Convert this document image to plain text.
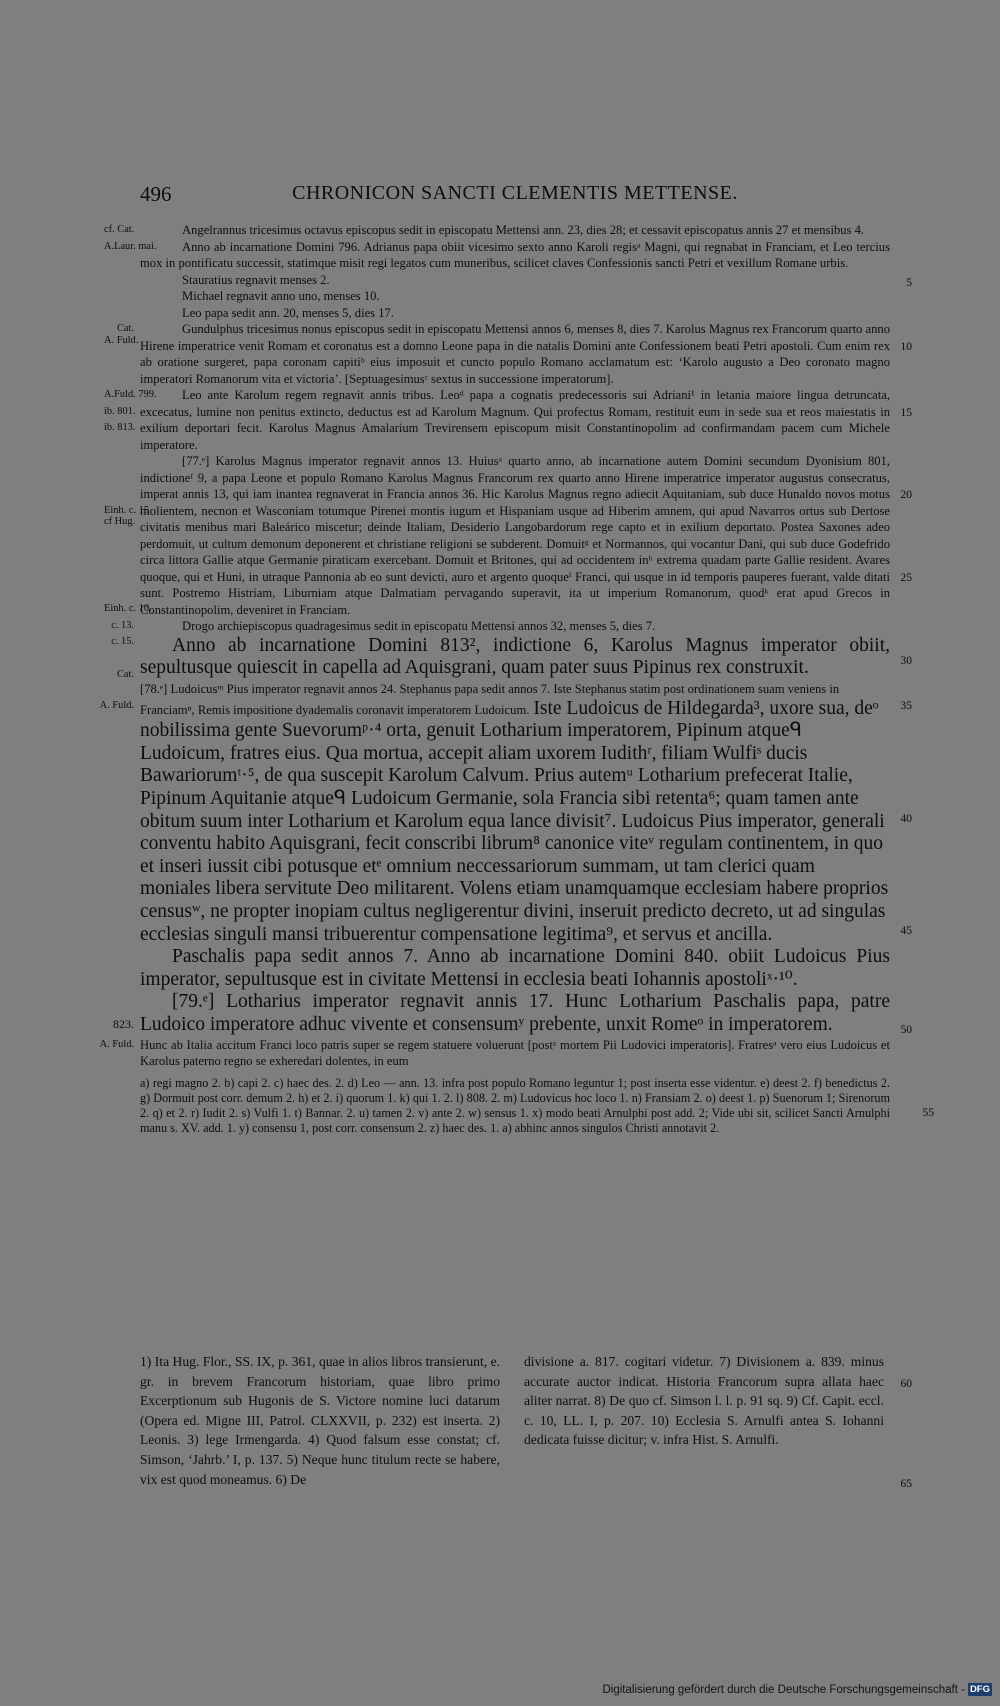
496	CHRONICON SANCTI CLEMENTIS METTENSE.

cf. Cat.	Angelrannus tricesimus octavus episcopus sedit in episcopatu Mettensi ann. 23, dies 28; et cessavit episcopatus annis 27 et mensibus 4.

A.Laur. mai.
5
Anno ab incarnatione Domini 796. Adrianus papa obiit vicesimo sexto anno Karoli regisᵃ Magni, qui regnabat in Franciam, et Leo tercius mox in pontificatu successit, statimque misit regi legatos cum muneribus, scilicet claves Confessionis sancti Petri et vexillum Romane urbis.

Stauratius regnavit menses 2.

Michael regnavit anno uno, menses 10.

Leo papa sedit ann. 20, menses 5, dies 17.

Cat.
A. Fuld.
10
Gundulphus tricesimus nonus episcopus sedit in episcopatu Mettensi annos 6, menses 8, dies 7. Karolus Magnus rex Francorum quarto anno Hirene imperatrice venit Romam et coronatus est a domno Leone papa in die natalis Domini ante Confessionem beati Petri apostoli. Cum enim rex ab oratione surgeret, papa coronam capitiᵇ eius imposuit et cuncto populo Romano acclamatum est: ‘Karolo augusto a Deo coronato magno imperatori Romanorum vita et victoria’. [Septuagesimusᶜ sextus in successione imperatorum].

A.Fuld. 799.
ib. 801.
ib. 813.
15
Leo ante Karolum regem regnavit annis tribus. Leoᵈ papa a cognatis predecessoris sui Adriani¹ in letania maiore lingua detruncata, excecatus, lumine non penitus extincto, deductus est ad Karolum Magnum. Qui profectus Romam, restituit eum in sede sua et reos maiestatis in exilium deportari fecit. Karolus Magnus Amalarium Trevirensem episcopum misit Constantinopolim ad confirmandam pacem cum Michele imperatore.

Einh. c. 15
cf Hug.
Einh. c. 10.
c. 13.
c. 15.
Cat.
20
25
30
[77.ᵉ] Karolus Magnus imperator regnavit annos 13. Huiusᵃ quarto anno, ab incarnatione autem Domini secundum Dyonisium 801, indictioneᶠ 9, a papa Leone et populo Romano Karolus Magnus Francorum rex quarto anno Hirene imperatrice imperator augustus consecratus, imperat annis 13, qui iam inantea regnaverat in Francia annos 36. Hic Karolus Magnus regno adiecit Aquitaniam, sub duce Hunaldo novos motus molientem, necnon et Wasconiam totumque Pirenei montis iugum et Hispaniam usque ad Hiberim amnem, qui apud Navarros ortus sub Dertose civitatis menibus mari Baleárico miscetur; deinde Italiam, Desiderio Langobardorum rege capto et in exilium deportato. Postea Saxones adeo perdomuit, ut cultum demonum deponerent et christiane religioni se subderent. Domuitᵍ et Normannos, qui vocantur Dani, qui sub duce Godefrido circa littora Gallie atque Germanie piraticam exercebant. Domuit et Britones, qui ad occidentem inʰ extrema quadam parte Gallie resident. Avares quoque, qui et Huni, in utraque Pannonia ab eo sunt devicti, auro et argento quoqueⁱ Franci, qui usque in id temporis pauperes fuerant, valde ditati sunt. Postremo Histriam, Liburniam atque Dalmatiam pervagando superavit, ita ut imperium Romanorum, quodᵏ erat apud Grecos in Constantinopolim, deveniret in Franciam.

Drogo archiepiscopus quadragesimus sedit in episcopatu Mettensi annos 32, menses 5, dies 7.

Anno ab incarnatione Domini 813², indictione 6, Karolus Magnus imperator obiit, sepultusque quiescit in capella ad Aquisgrani, quam pater suus Pipinus rex construxit.

A. Fuld.	35
40
45

[78.ᵉ] Ludoicusᵐ Pius imperator regnavit annos 24. Stephanus papa sedit annos 7. Iste Stephanus statim post ordinationem suam veniens in Franciamⁿ, Remis impositione dyademalis coronavit imperatorem Ludoicum.

Iste Ludoicus de Hildegarda³, uxore sua, deᵒ nobilissima gente Suevorumᵖ·⁴ orta, genuit Lotharium imperatorem, Pipinum atqueᑫ Ludoicum, fratres eius. Qua mortua, accepit aliam uxorem Iudithʳ, filiam Wulfiˢ ducis Bawariorumᵗ·⁵, de qua suscepit Karolum Calvum. Prius autemᵘ Lotharium prefecerat Italie, Pipinum Aquitanie atqueᑫ Ludoicum Germanie, sola Francia sibi retenta⁶; quam tamen ante obitum suum inter Lotharium et Karolum equa lance divisit⁷. Ludoicus Pius imperator, generali conventu habito Aquisgrani, fecit conscribi librum⁸ canonice viteᵛ regulam continentem, in quo et inseri iussit cibi potusque etᵉ omnium neccessariorum summam, ut tam clerici quam moniales libera servitute Deo militarent. Volens etiam unamquamque ecclesiam habere proprios censusʷ, ne propter inopiam cultus negligerentur divini, inseruit predicto decreto, ut ad singulas ecclesias singuli mansi tribuerentur compensatione legitima⁹, et servus et ancilla.

Paschalis papa sedit annos 7. Anno ab incarnatione Domini 840. obiit Ludoicus Pius imperator, sepultusque est in civitate Mettensi in ecclesia beati Iohannis apostoliˣ·¹⁰.

823.	50
[79.ᵉ] Lotharius imperator regnavit annis 17. Hunc Lotharium Paschalis papa, patre Ludoico imperatore adhuc vivente et consensumʸ prebente, unxit Romeᵒ in imperatorem.

A. Fuld. Hunc ab Italia accitum Franci loco patris super se regem statuere voluerunt [postᶻ mortem Pii Ludovici imperatoris]. Fratresᵃ vero eius Ludoicus et Karolus paterno regno se exheredari dolentes, in eum

55

a) regi magno 2. b) capi 2. c) haec des. 2. d) Leo — ann. 13. infra post populo Romano leguntur 1; post inserta esse videntur. e) deest 2. f) benedictus 2. g) Dormuit post corr. demum 2. h) et 2. i) quorum 1. k) qui 1. 2. l) 808. 2. m) Ludovicus hoc loco 1. n) Fransiam 2. o) deest 1. p) Suenorum 1; Sirenorum 2. q) et 2. r) Iudit 2. s) Vulfi 1. t) Bannar. 2. u) tamen 2. v) ante 2. w) sensus 1. x) modo beati Arnulphi post add. 2; Vide ubi sit, scilicet Sancti Arnulphi manu s. XV. add. 1. y) consensu 1, post corr. consensum 2. z) haec des. 1. a) abhinc annos singulos Christi annotavit 2.

1) Ita Hug. Flor., SS. IX, p. 361, quae in alios libros transierunt, e. gr. in brevem Francorum historiam, quae libro primo Excerptionum sub Hugonis de S. Victore nomine luci datarum (Opera ed. Migne III, Patrol. CLXXVII, p. 232) est inserta. 2) Leonis. 3) lege Irmengarda. 4) Quod falsum esse constat; cf. Simson, ‘Jahrb.’ I, p. 137. 5) Neque hunc titulum recte se habere, vix est quod moneamus. 6) De

divisione a. 817. cogitari videtur. 7) Divisionem a. 839. minus accurate auctor indicat. Historia Francorum supra allata haec aliter narrat. 8) De quo cf. Simson l. l. p. 91 sq. 9) Cf. Capit. eccl. c. 10, LL. I, p. 207. 10) Ecclesia S. Arnulfi antea S. Iohanni dedicata fuisse dicitur; v. infra Hist. S. Arnulfi.

60
65
Digitalisierung gefördert durch die Deutsche Forschungsgemeinschaft - DFG
